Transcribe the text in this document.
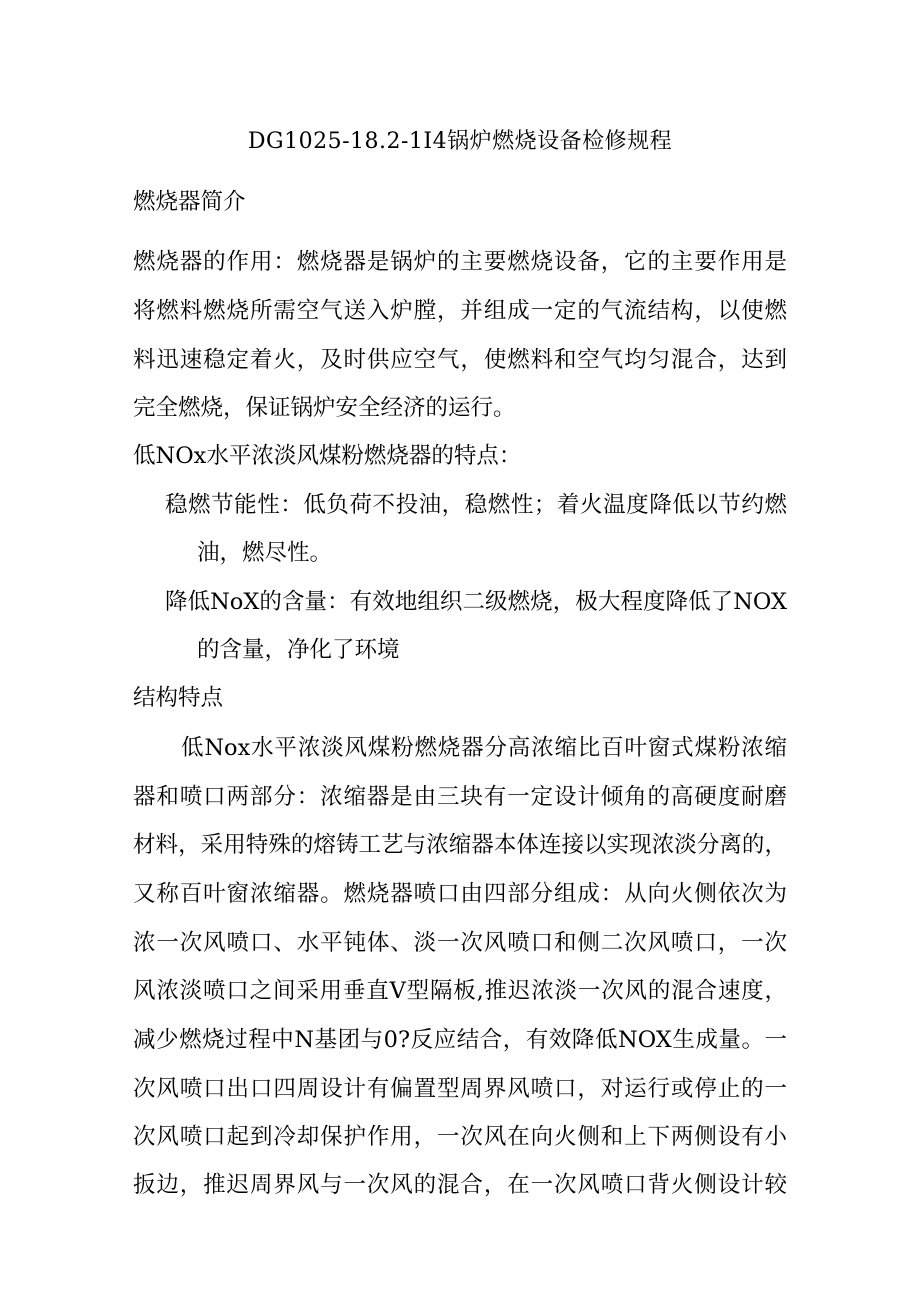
DG1025-18.2-1I4锅炉燃烧设备检修规程
燃烧器简介
燃烧器的作用：燃烧器是锅炉的主要燃烧设备，它的主要作用是
将燃料燃烧所需空气送入炉膛，并组成一定的气流结构，以使燃
料迅速稳定着火，及时供应空气，使燃料和空气均匀混合，达到
完全燃烧，保证锅炉安全经济的运行。
低NOx水平浓淡风煤粉燃烧器的特点：
稳燃节能性：低负荷不投油，稳燃性；着火温度降低以节约燃
油，燃尽性。
降低NoX的含量：有效地组织二级燃烧，极大程度降低了NOX
的含量，净化了环境
结构特点
低Nox水平浓淡风煤粉燃烧器分高浓缩比百叶窗式煤粉浓缩
器和喷口两部分：浓缩器是由三块有一定设计倾角的高硬度耐磨
材料，采用特殊的熔铸工艺与浓缩器本体连接以实现浓淡分离的，
又称百叶窗浓缩器。燃烧器喷口由四部分组成：从向火侧依次为
浓一次风喷口、水平钝体、淡一次风喷口和侧二次风喷口，一次
风浓淡喷口之间采用垂直V型隔板,推迟浓淡一次风的混合速度，
减少燃烧过程中N基团与0?反应结合，有效降低NOX生成量。一
次风喷口出口四周设计有偏置型周界风喷口，对运行或停止的一
次风喷口起到冷却保护作用，一次风在向火侧和上下两侧设有小
扳边，推迟周界风与一次风的混合，在一次风喷口背火侧设计较
